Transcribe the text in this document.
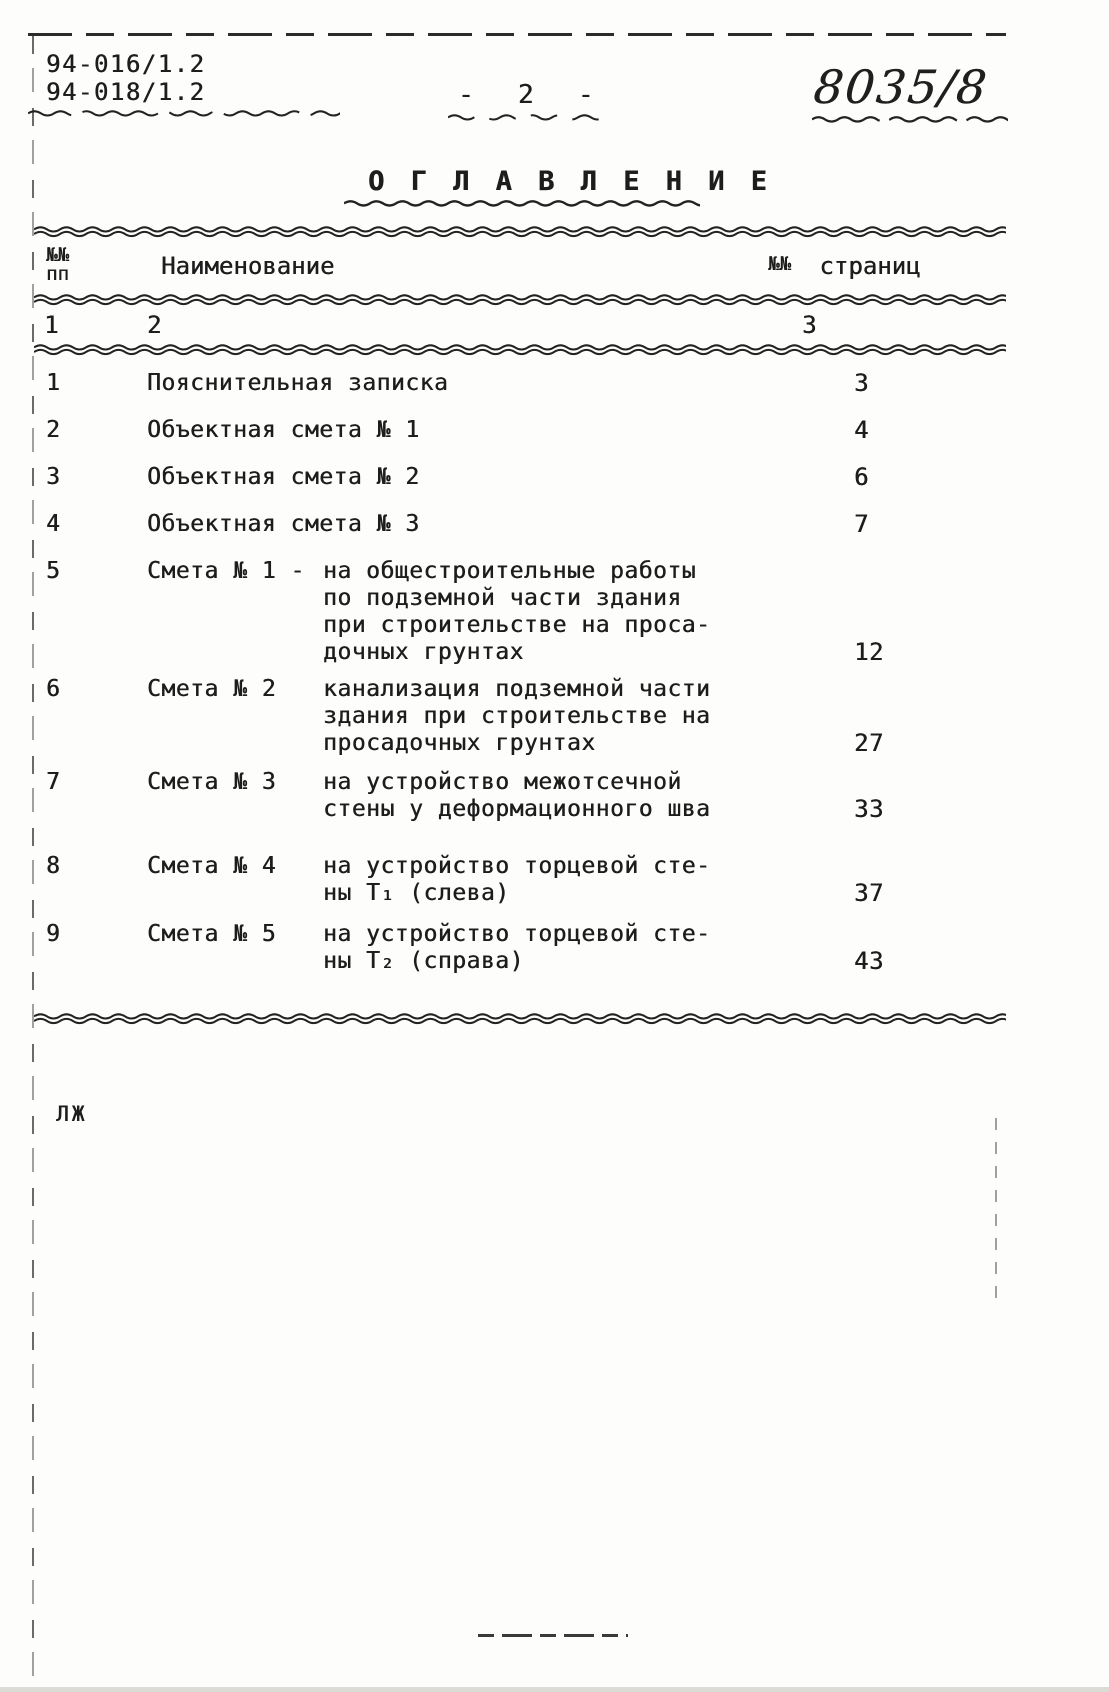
94-016/1.2
94-018/1.2	- 2 -	8035/8
О Г Л А В Л Е Н И Е
№№
пп	Наименование	№№ страниц
1	2	3
1	Пояснительная записка	3
2	Объектная смета № 1	4
3	Объектная смета № 2	6
4	Объектная смета № 3	7
5	Смета № 1 - на общестроительные работы
по подземной части здания
при строительстве на проса-
дочных грунтах	12
6	Смета № 2	канализация подземной части
здания при строительстве на
просадочных грунтах	27
7	Смета № 3	на устройство межотсечной
стены у деформационного шва	33
8	Смета № 4	на устройство торцевой сте-
ны Т₁ (слева)	37
9	Смета № 5	на устройство торцевой сте-
ны Т₂ (справа)	43
ЛЖ
